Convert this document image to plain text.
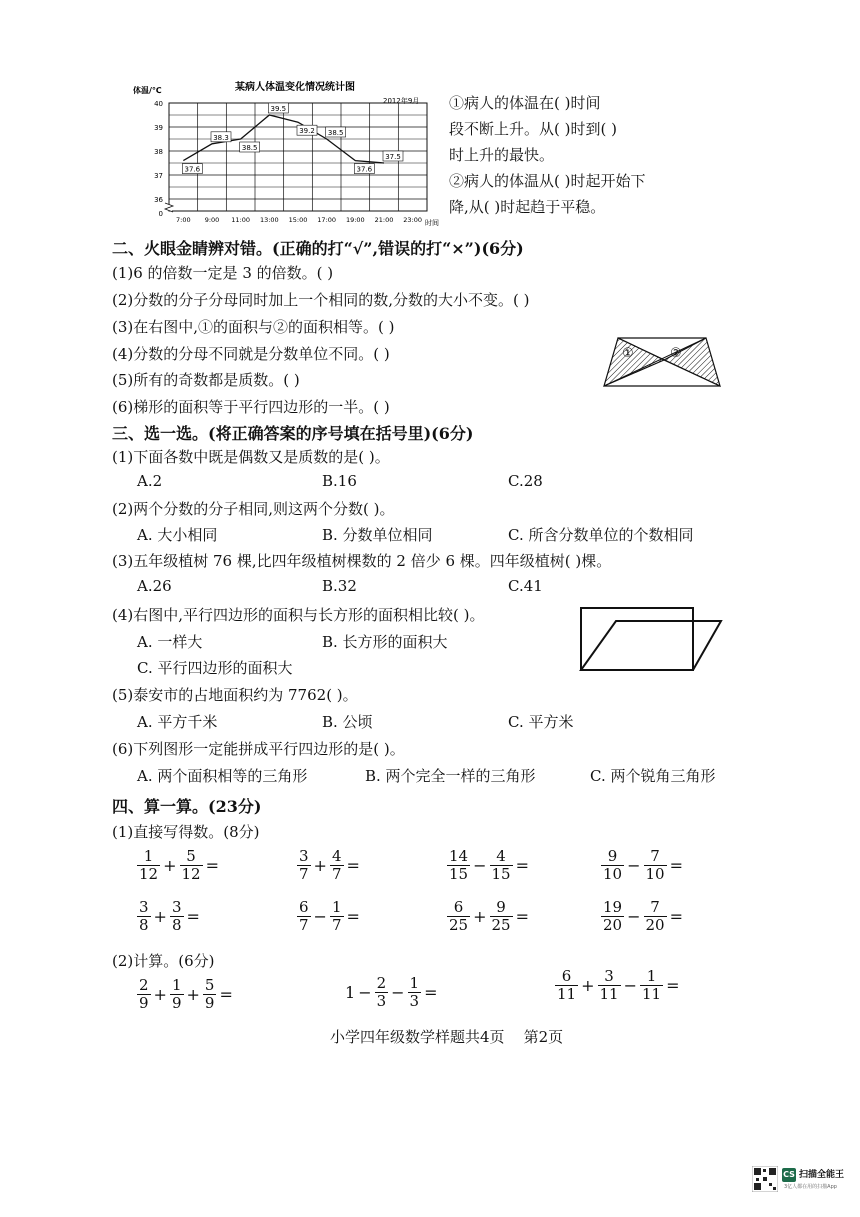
某病人体温变化情况统计图
2012年9月
体温/℃
40
39
38
37
36
0
7:00 9:00 11:00 13:00 15:00 17:00 19:00 21:00 23:00 时间
37.6
38.3
38.5
39.5
39.2 38.5
37.6
37.5
①病人的体温在( )时间
段不断上升。从( )时到( )
时上升的最快。
②病人的体温从( )时起开始下
降,从( )时起趋于平稳。
二、火眼金睛辨对错。(正确的打“√”,错误的打“×”)(6分)
(1)6 的倍数一定是 3 的倍数。( )
(2)分数的分子分母同时加上一个相同的数,分数的大小不变。( )
(3)在右图中,①的面积与②的面积相等。( )
(4)分数的分母不同就是分数单位不同。( )
(5)所有的奇数都是质数。( )
(6)梯形的面积等于平行四边形的一半。( )
①	②
三、选一选。(将正确答案的序号填在括号里)(6分)
(1)下面各数中既是偶数又是质数的是( )。
A.2	B.16	C.28
(2)两个分数的分子相同,则这两个分数( )。
A. 大小相同	B. 分数单位相同	C. 所含分数单位的个数相同
(3)五年级植树 76 棵,比四年级植树棵数的 2 倍少 6 棵。四年级植树( )棵。
A.26	B.32	C.41
(4)右图中,平行四边形的面积与长方形的面积相比较( )。
A. 一样大	B. 长方形的面积大
C. 平行四边形的面积大
(5)泰安市的占地面积约为 7762( )。
A. 平方千米	B. 公顷	C. 平方米
(6)下列图形一定能拼成平行四边形的是( )。
A. 两个面积相等的三角形	B. 两个完全一样的三角形	C. 两个锐角三角形
四、算一算。(23分)
(1)直接写得数。(8分)
$\frac{1}{12} + \frac{5}{12}$ =	$\frac{3}{7} + \frac{4}{7}$ =	$\frac{14}{15} - \frac{4}{15}$ =	$\frac{9}{10} - \frac{7}{10}$ =
$\frac{3}{8} + \frac{3}{8}$ =	$\frac{6}{7} - \frac{1}{7}$ =	$\frac{6}{25} + \frac{9}{25}$ =	$\frac{19}{20} - \frac{7}{20}$ =
(2)计算。(6分)
$\frac{2}{9} + \frac{1}{9} + \frac{5}{9}$ =	$1 - \frac{2}{3} - \frac{1}{3}$ =	$\frac{6}{11} + \frac{3}{11} - \frac{1}{11}$ =
小学四年级数学样题共4页    第2页
CS 扫描全能王
3亿人都在用的扫描App
